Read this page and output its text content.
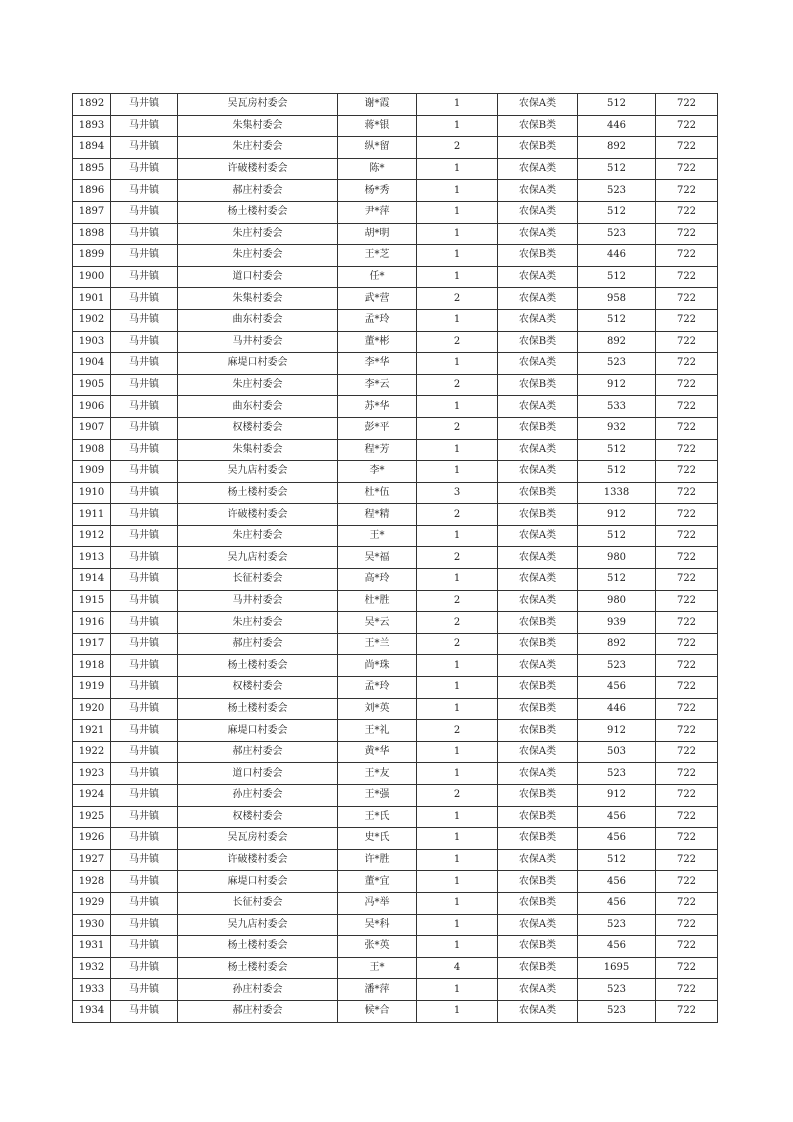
1892	马井镇	吴瓦房村委会	谢*霞	1	农保A类	512	722
1893	马井镇	朱集村委会	蒋*银	1	农保B类	446	722
1894	马井镇	朱庄村委会	纵*留	2	农保B类	892	722
1895	马井镇	许破楼村委会	陈*	1	农保A类	512	722
1896	马井镇	郝庄村委会	杨*秀	1	农保A类	523	722
1897	马井镇	杨土楼村委会	尹*萍	1	农保A类	512	722
1898	马井镇	朱庄村委会	胡*明	1	农保A类	523	722
1899	马井镇	朱庄村委会	王*芝	1	农保B类	446	722
1900	马井镇	道口村委会	任*	1	农保A类	512	722
1901	马井镇	朱集村委会	武*营	2	农保A类	958	722
1902	马井镇	曲东村委会	孟*玲	1	农保A类	512	722
1903	马井镇	马井村委会	董*彬	2	农保B类	892	722
1904	马井镇	麻堤口村委会	李*华	1	农保A类	523	722
1905	马井镇	朱庄村委会	李*云	2	农保B类	912	722
1906	马井镇	曲东村委会	苏*华	1	农保A类	533	722
1907	马井镇	权楼村委会	彭*平	2	农保B类	932	722
1908	马井镇	朱集村委会	程*芳	1	农保A类	512	722
1909	马井镇	吴九店村委会	李*	1	农保A类	512	722
1910	马井镇	杨土楼村委会	杜*伍	3	农保B类	1338	722
1911	马井镇	许破楼村委会	程*精	2	农保B类	912	722
1912	马井镇	朱庄村委会	王*	1	农保A类	512	722
1913	马井镇	吴九店村委会	吴*福	2	农保A类	980	722
1914	马井镇	长征村委会	高*玲	1	农保A类	512	722
1915	马井镇	马井村委会	杜*胜	2	农保A类	980	722
1916	马井镇	朱庄村委会	吴*云	2	农保B类	939	722
1917	马井镇	郝庄村委会	王*兰	2	农保B类	892	722
1918	马井镇	杨土楼村委会	尚*珠	1	农保A类	523	722
1919	马井镇	权楼村委会	孟*玲	1	农保B类	456	722
1920	马井镇	杨土楼村委会	刘*英	1	农保B类	446	722
1921	马井镇	麻堤口村委会	王*礼	2	农保B类	912	722
1922	马井镇	郝庄村委会	黄*华	1	农保A类	503	722
1923	马井镇	道口村委会	王*友	1	农保A类	523	722
1924	马井镇	孙庄村委会	王*强	2	农保B类	912	722
1925	马井镇	权楼村委会	王*氏	1	农保B类	456	722
1926	马井镇	吴瓦房村委会	史*氏	1	农保B类	456	722
1927	马井镇	许破楼村委会	许*胜	1	农保A类	512	722
1928	马井镇	麻堤口村委会	董*宜	1	农保B类	456	722
1929	马井镇	长征村委会	冯*举	1	农保B类	456	722
1930	马井镇	吴九店村委会	吴*科	1	农保A类	523	722
1931	马井镇	杨土楼村委会	张*英	1	农保B类	456	722
1932	马井镇	杨土楼村委会	王*	4	农保B类	1695	722
1933	马井镇	孙庄村委会	潘*萍	1	农保A类	523	722
1934	马井镇	郝庄村委会	候*合	1	农保A类	523	722
